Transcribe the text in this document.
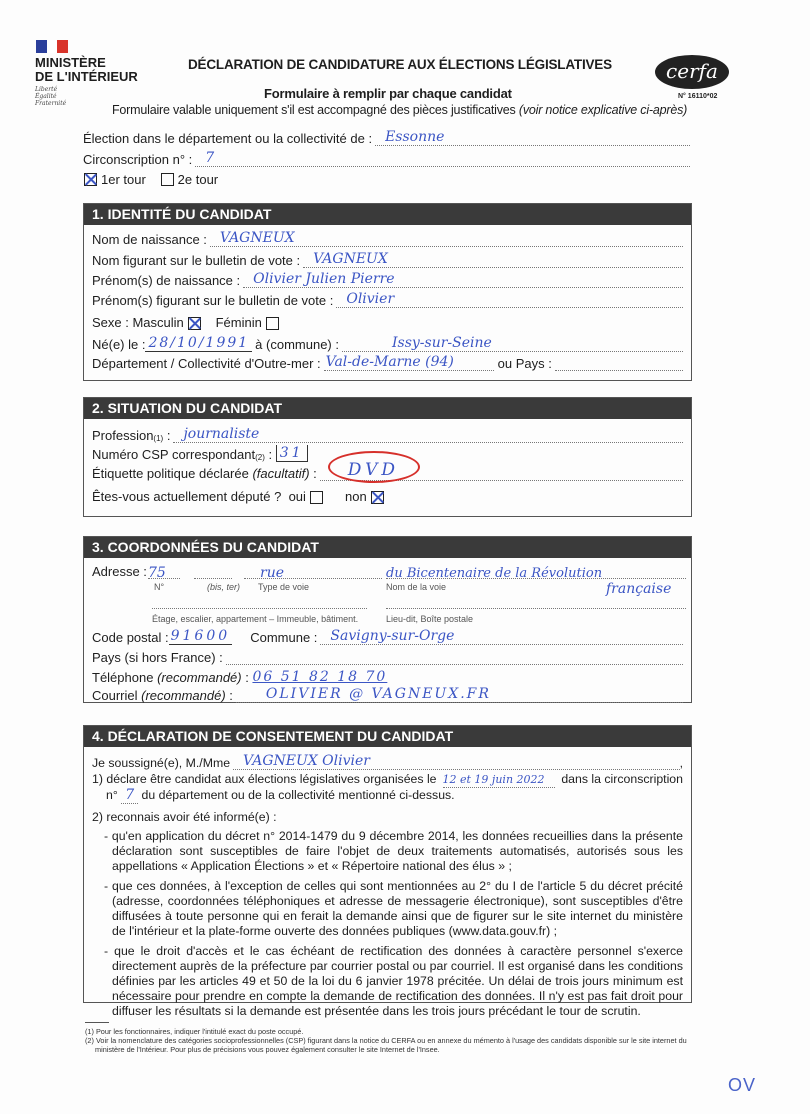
MINISTÈRE
DE L'INTÉRIEUR
Liberté
Égalité
Fraternité
DÉCLARATION DE CANDIDATURE AUX ÉLECTIONS LÉGISLATIVES	cerfa
N° 16110*02
Formulaire à remplir par chaque candidat
Formulaire valable uniquement s'il est accompagné des pièces justificatives (voir notice explicative ci-après)
Élection dans le département ou la collectivité de : Essonne
Circonscription n° : 7
1er tour 2e tour
1. IDENTITÉ DU CANDIDAT
Nom de naissance : VAGNEUX
Nom figurant sur le bulletin de vote : VAGNEUX
Prénom(s) de naissance : Olivier Julien Pierre
Prénom(s) figurant sur le bulletin de vote : Olivier
Sexe : Masculin
Féminin
Né(e) le : 28/10/1991 à (commune) :	Issy-sur-Seine
Département / Collectivité d'Outre-mer : Val-de-Marne (94)	ou Pays :
2. SITUATION DU CANDIDAT
Profession$_{(1)}$ : journaliste
Numéro CSP correspondant$_{(2)}$ : 31
Étiquette politique déclarée
(facultatif) : DVD
Êtes-vous actuellement député ?
oui
	non
3. COORDONNÉES DU CANDIDAT
Adresse : 75	rue	du Bicentenaire de la Révolution
française
N°	(bis, ter) Type de voie	Nom de la voie
Étage, escalier, appartement – Immeuble, bâtiment.	Lieu-dit, Boîte postale
Code postal : 91600
Commune : Savigny-sur-Orge
Pays (si hors France) :
Téléphone
(recommandé) : 06 51 82 18 70
Courriel
(recommandé) : OLIVIER @ VAGNEUX.FR
4. DÉCLARATION DE CONSENTEMENT DU CANDIDAT
Je soussigné(e), M./Mme VAGNEUX Olivier	,
1) déclare être candidat aux élections législatives organisées le 12 et 19 juin 2022	dans la circonscription
n° 7 du département ou de la collectivité mentionné ci-dessus.
2) reconnais avoir été informé(e) :

- qu'en application du décret n° 2014-1479 du 9 décembre 2014, les données recueillies dans la présente déclaration sont susceptibles de faire l'objet de deux traitements automatisés, autorisés sous les appellations « Application Élections » et « Répertoire national des élus » ;

- que ces données, à l'exception de celles qui sont mentionnées au 2° du I de l'article 5 du décret précité (adresse, coordonnées téléphoniques et adresse de messagerie électronique), sont susceptibles d'être diffusées à toute personne qui en ferait la demande ainsi que de figurer sur le site internet du ministère de l'intérieur et la plate-forme ouverte des données publiques (www.data.gouv.fr) ;

- que le droit d'accès et le cas échéant de rectification des données à caractère personnel s'exerce directement auprès de la préfecture par courrier postal ou par courriel. Il est organisé dans les conditions définies par les articles 49 et 50 de la loi du 6 janvier 1978 précitée. Un délai de trois jours minimum est nécessaire pour prendre en compte la demande de rectification des données. Il n'y est pas fait droit pour diffuser les résultats si la demande est présentée dans les trois jours précédant le tour de scrutin.

(1) Pour les fonctionnaires, indiquer l'intitulé exact du poste occupé.
(2) Voir la nomenclature des catégories socioprofessionnelles (CSP) figurant dans la notice du CERFA ou en annexe du mémento à l'usage des candidats disponible sur le site internet du ministère de l'Intérieur. Pour plus de précisions vous pouvez également consulter le site Internet de l'Insee.
OV
